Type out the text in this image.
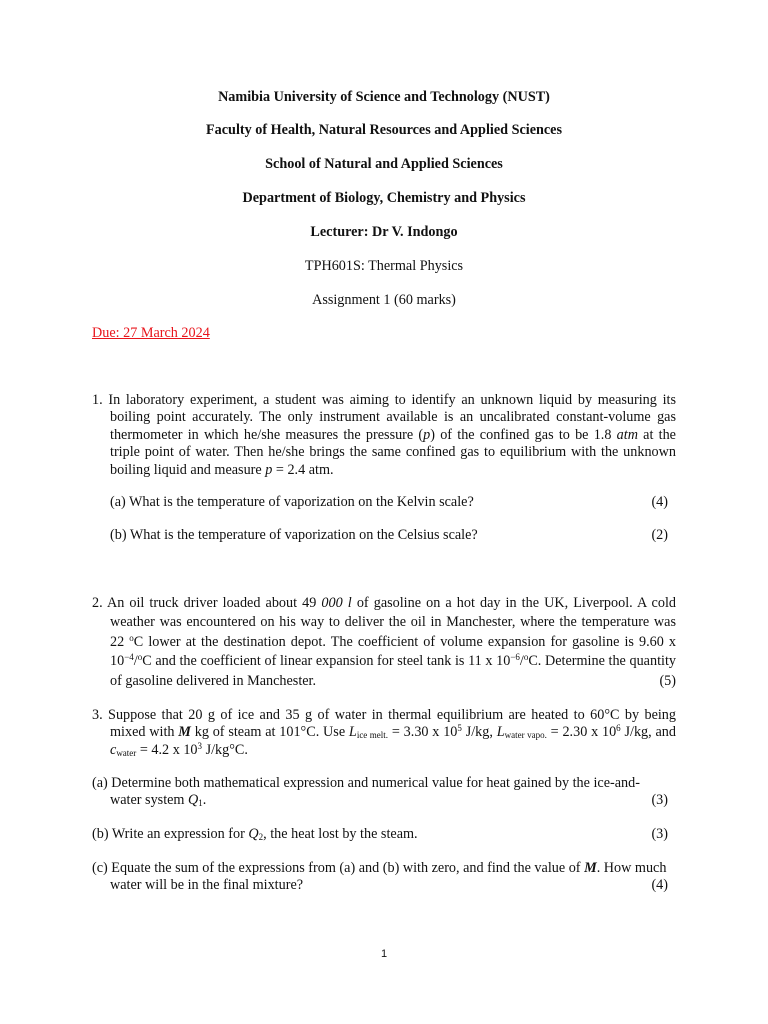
Namibia University of Science and Technology (NUST)
Faculty of Health, Natural Resources and Applied Sciences
School of Natural and Applied Sciences
Department of Biology, Chemistry and Physics
Lecturer: Dr V. Indongo
TPH601S: Thermal Physics
Assignment 1 (60 marks)
Due: 27 March 2024
1. In laboratory experiment, a student was aiming to identify an unknown liquid by measuring its boiling point accurately. The only instrument available is an uncalibrated constant-volume gas thermometer in which he/she measures the pressure (p) of the confined gas to be 1.8 atm at the triple point of water. Then he/she brings the same confined gas to equilibrium with the unknown boiling liquid and measure p = 2.4 atm.
(a) What is the temperature of vaporization on the Kelvin scale?	(4)
(b) What is the temperature of vaporization on the Celsius scale?	(2)
2. An oil truck driver loaded about 49 000 l of gasoline on a hot day in the UK, Liverpool. A cold weather was encountered on his way to deliver the oil in Manchester, where the temperature was 22 $^o$C lower at the destination depot. The coefficient of volume expansion for gasoline is 9.60 x $10^{-4}/^oC$ and the coefficient of linear expansion for steel tank is 11 x $10^{-6}/^oC$. Determine the quantity of gasoline delivered in Manchester.	(5)
3. Suppose that 20 g of ice and 35 g of water in thermal equilibrium are heated to 60°C by being mixed with M kg of steam at 101°C. Use $L_{ice melt.} = 3.30$ x $10^5$ J/kg, $L_{water vapo.} = 2.30$ x $10^6$ J/kg, and $c_{water} = 4.2$ x $10^3$ J/kg°C.
(a) Determine both mathematical expression and numerical value for heat gained by the ice-and-water system $Q_1$.	(3)
(b) Write an expression for $Q_2$, the heat lost by the steam.	(3)
(c) Equate the sum of the expressions from (a) and (b) with zero, and find the value of M. How much water will be in the final mixture?	(4)
1
